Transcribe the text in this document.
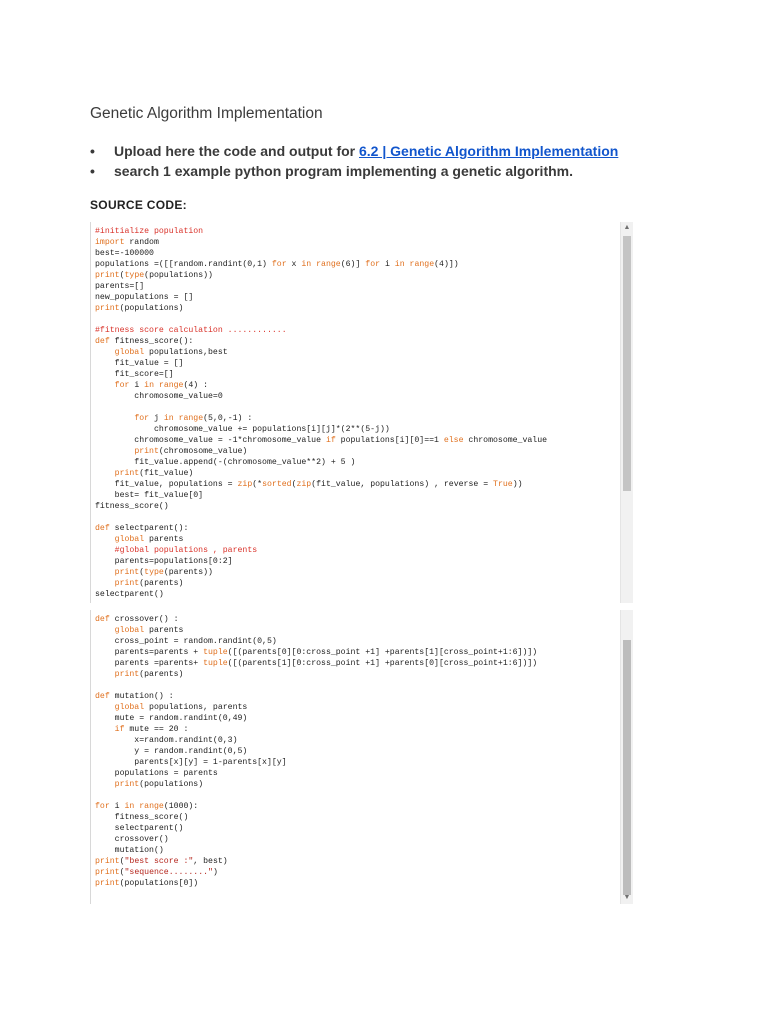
Genetic Algorithm Implementation
• Upload here the code and output for 6.2 | Genetic Algorithm Implementation
• search 1 example python program implementing a genetic algorithm.
SOURCE CODE:
#initialize population
import random
best=-100000
populations =([[random.randint(0,1) for x in range(6)] for i in range(4)])
print(type(populations))
parents=[]
new_populations = []
print(populations)
#fitness score calculation ............
def fitness_score():
global populations,best
fit_value = []
fit_score=[]
for i in range(4) :
chromosome_value=0
for j in range(5,0,-1) :
chromosome_value += populations[i][j]*(2**(5-j))
chromosome_value = -1*chromosome_value if populations[i][0]==1 else chromosome_value
print(chromosome_value)
fit_value.append(-(chromosome_value**2) + 5 )
print(fit_value)
fit_value, populations = zip(*sorted(zip(fit_value, populations) , reverse = True))
best= fit_value[0]
fitness_score()
def selectparent():
global parents
#global populations , parents
parents=populations[0:2]
print(type(parents))
print(parents)
selectparent()
▲
def crossover() :
global parents
cross_point = random.randint(0,5)
parents=parents + tuple([(parents[0][0:cross_point +1] +parents[1][cross_point+1:6])])
parents =parents+ tuple([(parents[1][0:cross_point +1] +parents[0][cross_point+1:6])])
print(parents)
def mutation() :
global populations, parents
mute = random.randint(0,49)
if mute == 20 :
x=random.randint(0,3)
y = random.randint(0,5)
parents[x][y] = 1-parents[x][y]
populations = parents
print(populations)
for i in range(1000):
fitness_score()
selectparent()
crossover()
mutation()
print("best score :", best)
print("sequence........")
print(populations[0])
▼
